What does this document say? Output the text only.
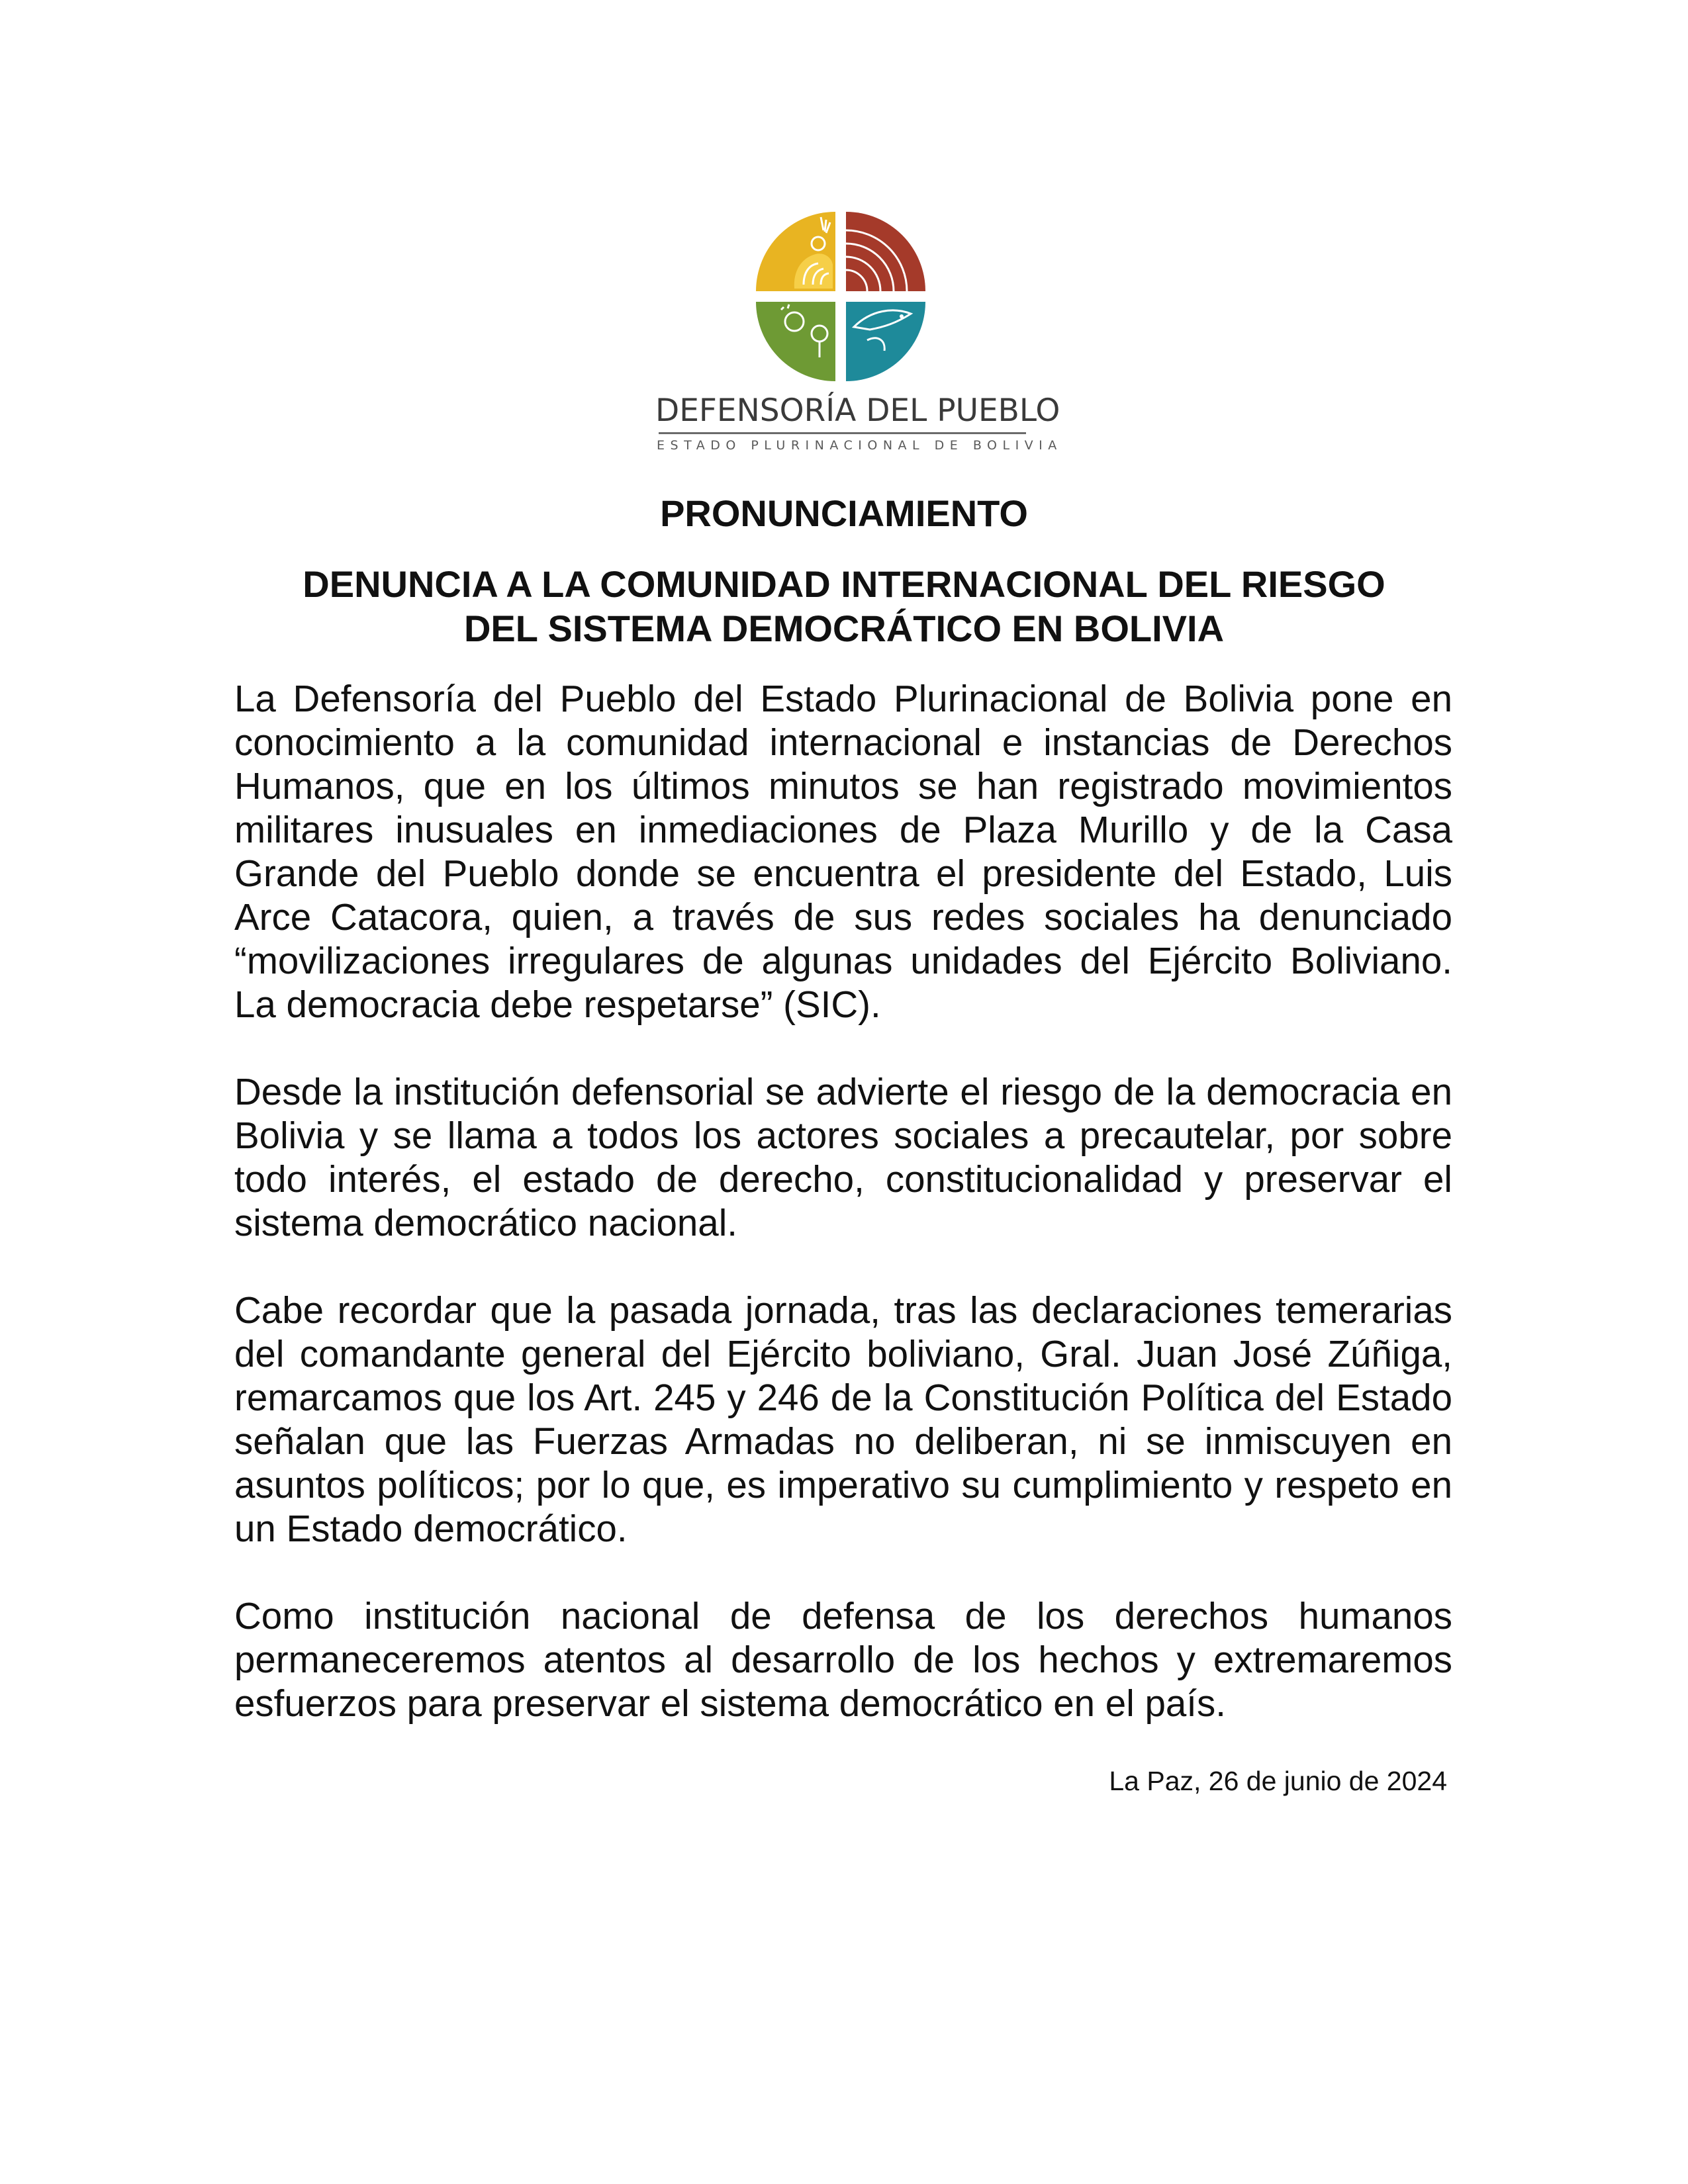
DEFENSORÍA DEL PUEBLO
ESTADO PLURINACIONAL DE BOLIVIA
PRONUNCIAMIENTO
DENUNCIA A LA COMUNIDAD INTERNACIONAL DEL RIESGO
DEL SISTEMA DEMOCRÁTICO EN BOLIVIA

La Defensoría del Pueblo del Estado Plurinacional de Bolivia pone en conocimiento a la comunidad internacional e instancias de Derechos Humanos, que en los últimos minutos se han registrado movimientos militares inusuales en inmediaciones de Plaza Murillo y de la Casa Grande del Pueblo donde se encuentra el presidente del Estado, Luis Arce Catacora, quien, a través de sus redes sociales ha denunciado “movilizaciones irregulares de algunas unidades del Ejército Boliviano. La democracia debe respetarse” (SIC).

Desde la institución defensorial se advierte el riesgo de la democracia en Bolivia y se llama a todos los actores sociales a precautelar, por sobre todo interés, el estado de derecho, constitucionalidad y preservar el sistema democrático nacional.

Cabe recordar que la pasada jornada, tras las declaraciones temerarias del comandante general del Ejército boliviano, Gral. Juan José Zúñiga, remarcamos que los Art. 245 y 246 de la Constitución Política del Estado señalan que las Fuerzas Armadas no deliberan, ni se inmiscuyen en asuntos políticos; por lo que, es imperativo su cumplimiento y respeto en un Estado democrático.

Como institución nacional de defensa de los derechos humanos permaneceremos atentos al desarrollo de los hechos y extremaremos esfuerzos para preservar el sistema democrático en el país.

La Paz, 26 de junio de 2024
